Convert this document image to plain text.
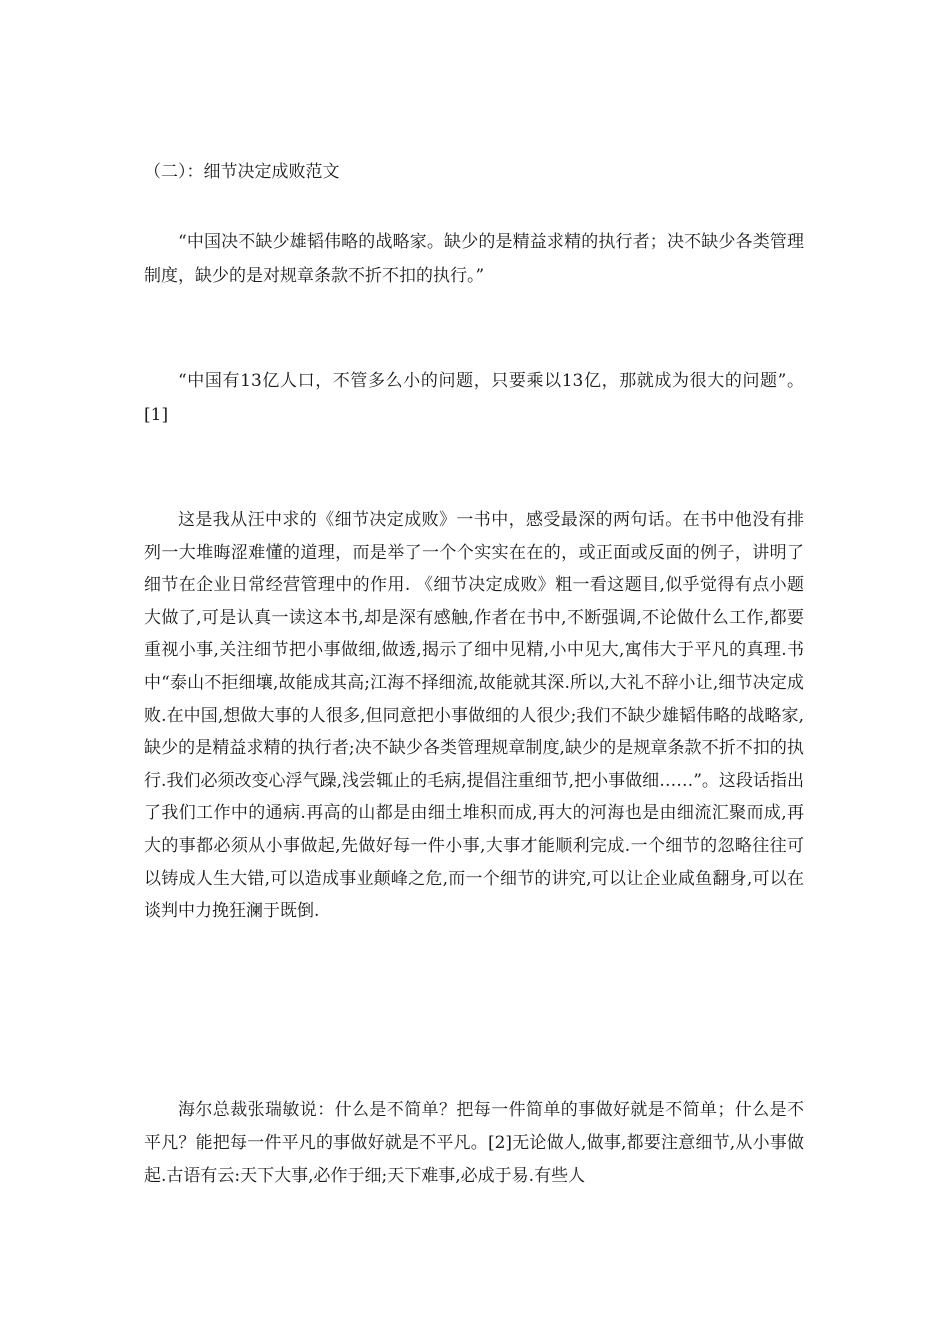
（二）：细节决定成败范文

“中国决不缺少雄韬伟略的战略家。缺少的是精益求精的执行者；决不缺少各类管理制度，缺少的是对规章条款不折不扣的执行。”

“中国有13亿人口，不管多么小的问题，只要乘以13亿，那就成为很大的问题”。[1]

这是我从汪中求的《细节决定成败》一书中，感受最深的两句话。在书中他没有排列一大堆晦涩难懂的道理，而是举了一个个实实在在的，或正面或反面的例子，讲明了细节在企业日常经营管理中的作用. 《细节决定成败》粗一看这题目,似乎觉得有点小题大做了,可是认真一读这本书,却是深有感触,作者在书中,不断强调,不论做什么工作,都要重视小事,关注细节把小事做细,做透,揭示了细中见精,小中见大,寓伟大于平凡的真理.书中“泰山不拒细壤,故能成其高;江海不择细流,故能就其深.所以,大礼不辞小让,细节决定成败.在中国,想做大事的人很多,但同意把小事做细的人很少;我们不缺少雄韬伟略的战略家,缺少的是精益求精的执行者;决不缺少各类管理规章制度,缺少的是规章条款不折不扣的执行.我们必须改变心浮气躁,浅尝辄止的毛病,提倡注重细节,把小事做细……”。这段话指出了我们工作中的通病.再高的山都是由细土堆积而成,再大的河海也是由细流汇聚而成,再大的事都必须从小事做起,先做好每一件小事,大事才能顺利完成.一个细节的忽略往往可以铸成人生大错,可以造成事业颠峰之危,而一个细节的讲究,可以让企业咸鱼翻身,可以在谈判中力挽狂澜于既倒.

海尔总裁张瑞敏说：什么是不简单？把每一件简单的事做好就是不简单；什么是不平凡？能把每一件平凡的事做好就是不平凡。[2]无论做人,做事,都要注意细节,从小事做起.古语有云:天下大事,必作于细;天下难事,必成于易.有些人
